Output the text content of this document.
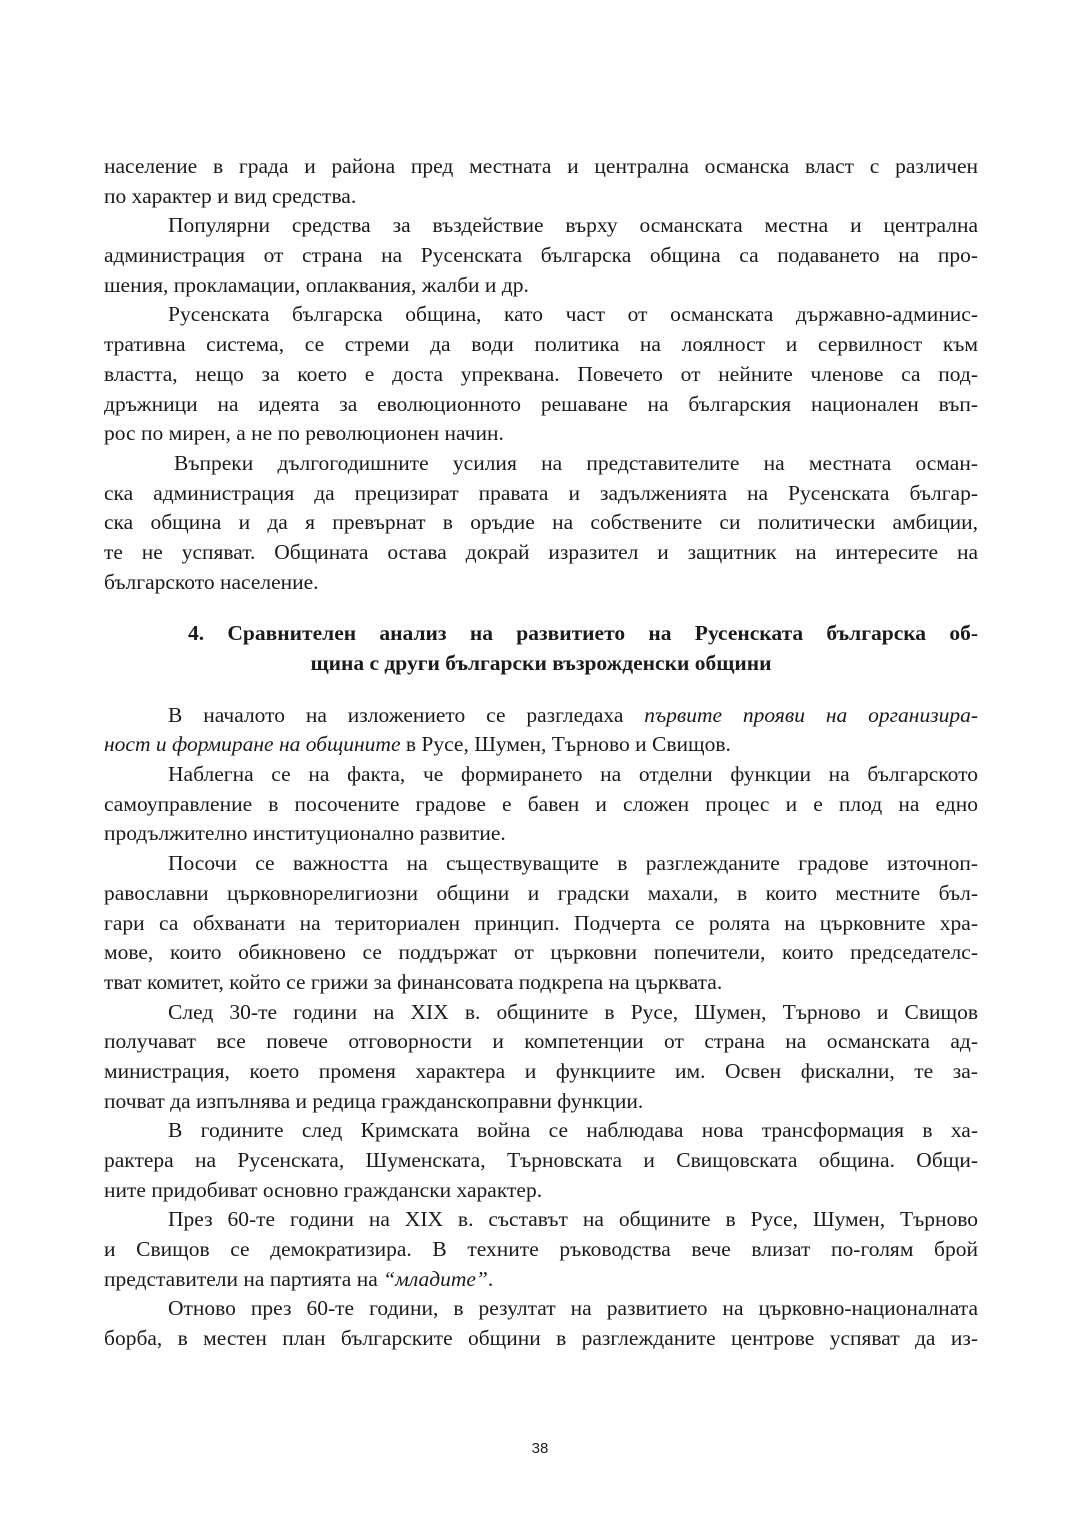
население в града и района пред местната и централна османска власт с различен
по характер и вид средства.
Популярни средства за въздействие върху османската местна и централна
администрация от страна на Русенската българска община са подаването на про-
шения, прокламации, оплаквания, жалби и др.
Русенската българска община, като част от османската държавно-админис-
тративна система, се стреми да води политика на лоялност и сервилност към
властта, нещо за което е доста упреквана. Повечето от нейните членове са под-
дръжници на идеята за еволюционното решаване на българския национален въп-
рос по мирен, а не по революционен начин.
Въпреки дългогодишните усилия на представителите на местната осман-
ска администрация да прецизират правата и задълженията на Русенската българ-
ска община и да я превърнат в оръдие на собствените си политически амбиции,
те не успяват. Общината остава докрай изразител и защитник на интересите на
българското население.
4. Сравнителен анализ на развитието на Русенската българска об-
щина с други български възрожденски общини
В началото на изложението се разгледаха първите прояви на организира-
ност и формиране на общините в Русе, Шумен, Търново и Свищов.
Наблегна се на факта, че формирането на отделни функции на българското
самоуправление в посочените градове е бавен и сложен процес и е плод на едно
продължително институционално развитие.
Посочи се важността на съществуващите в разглежданите градове източноп-
равославни църковнорелигиозни общини и градски махали, в които местните бъл-
гари са обхванати на териториален принцип. Подчерта се ролята на църковните хра-
мове, които обикновено се поддържат от църковни попечители, които председателс-
тват комитет, който се грижи за финансовата подкрепа на църквата.
След 30-те години на XIX в. общините в Русе, Шумен, Търново и Свищов
получават все повече отговорности и компетенции от страна на османската ад-
министрация, което променя характера и функциите им. Освен фискални, те за-
почват да изпълнява и редица гражданскоправни функции.
В годините след Кримската война се наблюдава нова трансформация в ха-
рактера на Русенската, Шуменската, Търновската и Свищовската община. Общи-
ните придобиват основно граждански характер.
През 60-те години на XIX в. съставът на общините в Русе, Шумен, Търново
и Свищов се демократизира. В техните ръководства вече влизат по-голям брой
представители на партията на “младите”.
Отново през 60-те години, в резултат на развитието на църковно-националната
борба, в местен план българските общини в разглежданите центрове успяват да из-
38
